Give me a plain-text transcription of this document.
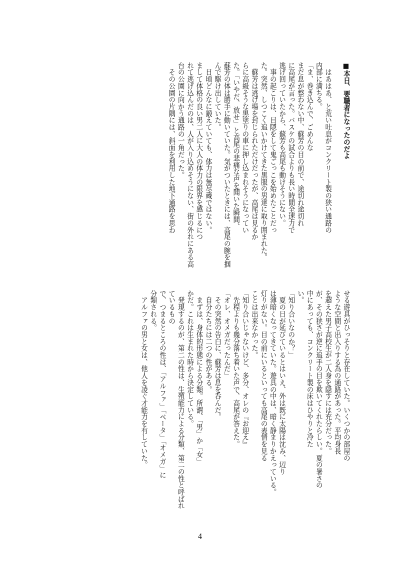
■本日、要職者になったのだよ

　はあはあ、と荒い吐息がコンクリート製の狭い通路の
内部に満ちる。
「ま、巻き込んで、ごめんな
まだ息が整わない中、蘇芳の目の前で、途切れ途切れ
に高尾が言った。バスケの試合よりも長い時間全速力で
逃げ回っていたから、蘇芳も高尾も動けそうにない。
　事の起こりは、目隠をして鬼ごっこを始めたことだっ
た。突然、しつこく追いかけてきた黒服の男達に取り囲まれた。
　蘇芳は逃げ場を封じられただけだったが、高尾は見るか
らに高級そうな黒塗りの車に押し込まれそうになってい
た。「いやだ、放せ」と高尾の悲痛な声を聞いた瞬間、
蘇芳の体は勝手に動いていた。気がついたときには、高尾の腕を掴
んで駆け出していた。
　日頃どんなに鍛えていても、体力は無尽蔵ではない。
まして体格の良い男二人に大人の体力の限界を感じるにつ
れて逃げ込んだのは、人が入り込めそうにない、街の外れにある高
台の公園に向かう通路の一角だった。
　その公園の片隅には、斜面を利用した地下通路を思わ
せる遊具がひっそりと存在していた。いくつかの部屋の
ような空間と出入りする為の通路があった。平均身長
を超えた男子高校生が二人身を隠すには充分だった。
が、その狭さが逆に追手の目を欺いてくれたらしい。夏の暑さの
中にあっても、コンクリート製の床はひやりと冷た
い。
「知り合いなのか？」
　夏の日が延びているとはいえ、外は既に太陽は沈み、辺り
は薄暗くなってきていた。遊具の中は、暗く静まりかえっている。
灯りがない。目の前にいるといっても高尾の表情を見る
ことは出来なかった。
「知り合いじゃないけど、多分、オレの『お迎え』
　先程よりも幾分落ち着いた声で、高尾が答えた。
「オレ、オメガだったんだ」
　その突然の告白に、蘇芳は息を呑んだ。
　自分たちには二つの性がある。
　まずは、身体的形態による分類。所謂、「男」か「女」
かだ。これは生まれた時から決定している。
　発現するのが、第二の性は、生殖能力による分類、第二の性と呼ばれているもの
で、つまるところの性は、「アルファ」「ベータ」「オメガ」に
分類される。
　アルファの男と女は、他人を凌ぐ才能力を有していた。
4
